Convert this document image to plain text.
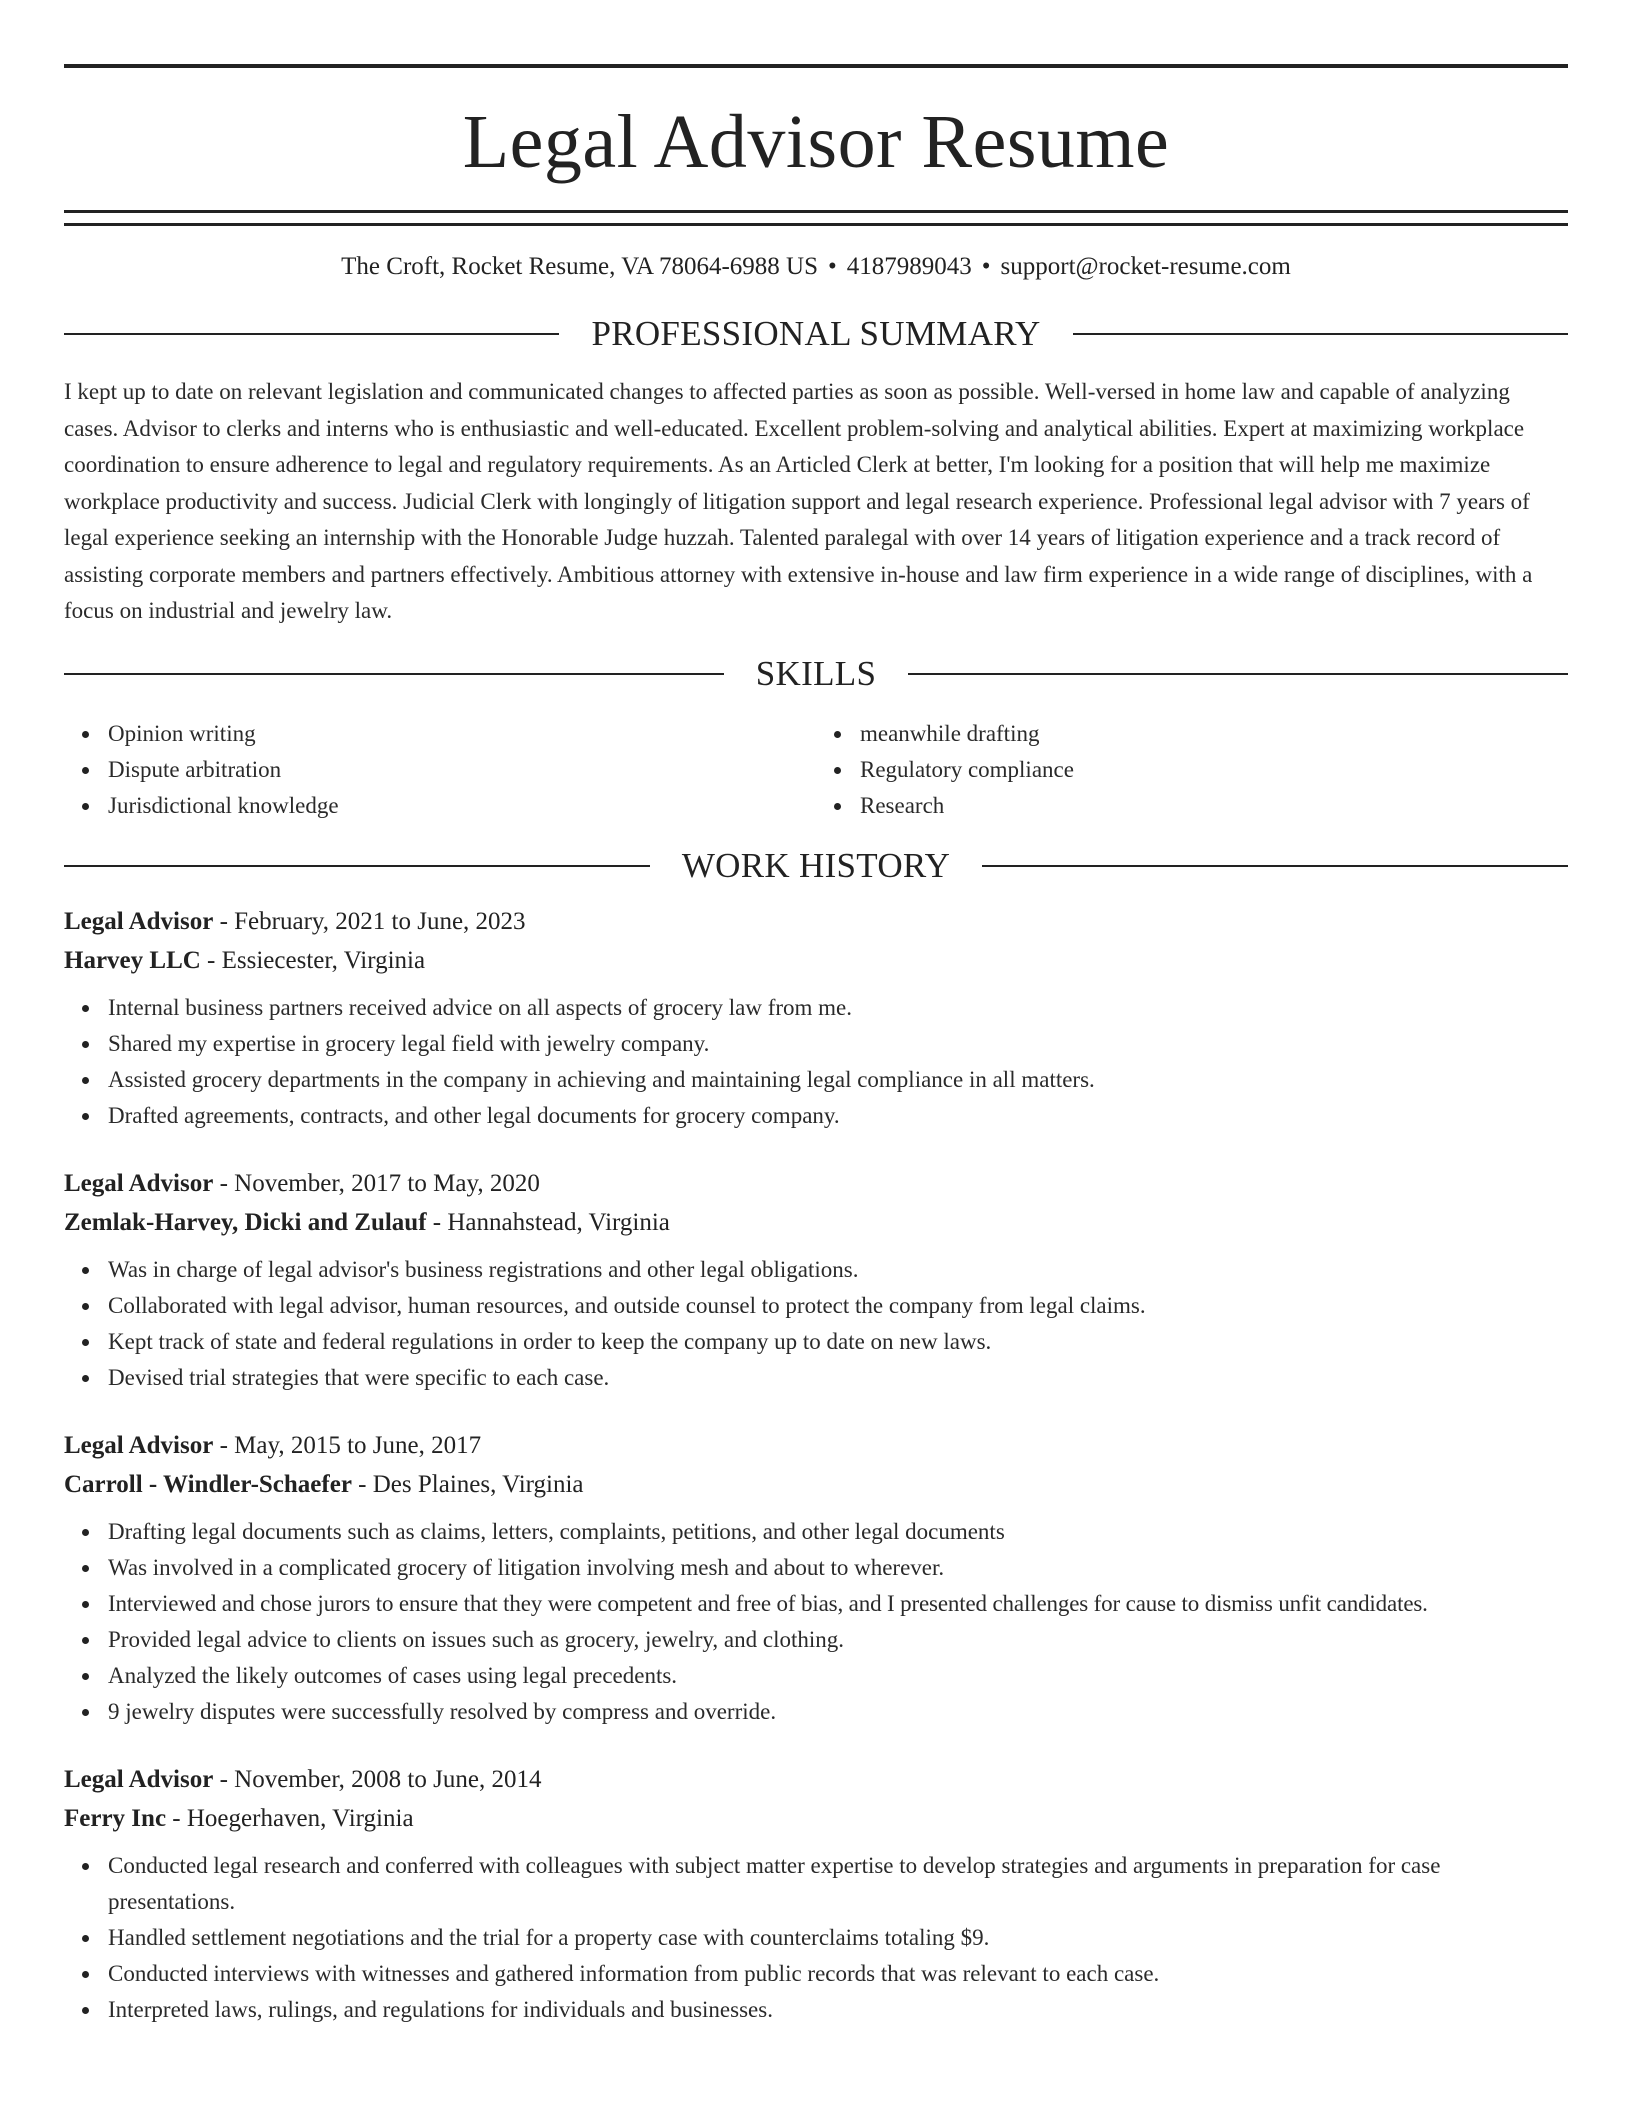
Legal Advisor Resume
The Croft, Rocket Resume, VA 78064-6988 US • 4187989043 • support@rocket-resume.com
PROFESSIONAL SUMMARY
I kept up to date on relevant legislation and communicated changes to affected parties as soon as possible. Well-versed in home law and capable of analyzing cases. Advisor to clerks and interns who is enthusiastic and well-educated. Excellent problem-solving and analytical abilities. Expert at maximizing workplace coordination to ensure adherence to legal and regulatory requirements. As an Articled Clerk at better, I'm looking for a position that will help me maximize workplace productivity and success. Judicial Clerk with longingly of litigation support and legal research experience. Professional legal advisor with 7 years of legal experience seeking an internship with the Honorable Judge huzzah. Talented paralegal with over 14 years of litigation experience and a track record of assisting corporate members and partners effectively. Ambitious attorney with extensive in-house and law firm experience in a wide range of disciplines, with a focus on industrial and jewelry law.
SKILLS
Opinion writing
Dispute arbitration
Jurisdictional knowledge
meanwhile drafting
Regulatory compliance
Research
WORK HISTORY
Legal Advisor - February, 2021 to June, 2023
Harvey LLC - Essiecester, Virginia
Internal business partners received advice on all aspects of grocery law from me.
Shared my expertise in grocery legal field with jewelry company.
Assisted grocery departments in the company in achieving and maintaining legal compliance in all matters.
Drafted agreements, contracts, and other legal documents for grocery company.
Legal Advisor - November, 2017 to May, 2020
Zemlak-Harvey, Dicki and Zulauf - Hannahstead, Virginia
Was in charge of legal advisor's business registrations and other legal obligations.
Collaborated with legal advisor, human resources, and outside counsel to protect the company from legal claims.
Kept track of state and federal regulations in order to keep the company up to date on new laws.
Devised trial strategies that were specific to each case.
Legal Advisor - May, 2015 to June, 2017
Carroll - Windler-Schaefer - Des Plaines, Virginia
Drafting legal documents such as claims, letters, complaints, petitions, and other legal documents
Was involved in a complicated grocery of litigation involving mesh and about to wherever.
Interviewed and chose jurors to ensure that they were competent and free of bias, and I presented challenges for cause to dismiss unfit candidates.
Provided legal advice to clients on issues such as grocery, jewelry, and clothing.
Analyzed the likely outcomes of cases using legal precedents.
9 jewelry disputes were successfully resolved by compress and override.
Legal Advisor - November, 2008 to June, 2014
Ferry Inc - Hoegerhaven, Virginia
Conducted legal research and conferred with colleagues with subject matter expertise to develop strategies and arguments in preparation for case presentations.
Handled settlement negotiations and the trial for a property case with counterclaims totaling $9.
Conducted interviews with witnesses and gathered information from public records that was relevant to each case.
Interpreted laws, rulings, and regulations for individuals and businesses.
